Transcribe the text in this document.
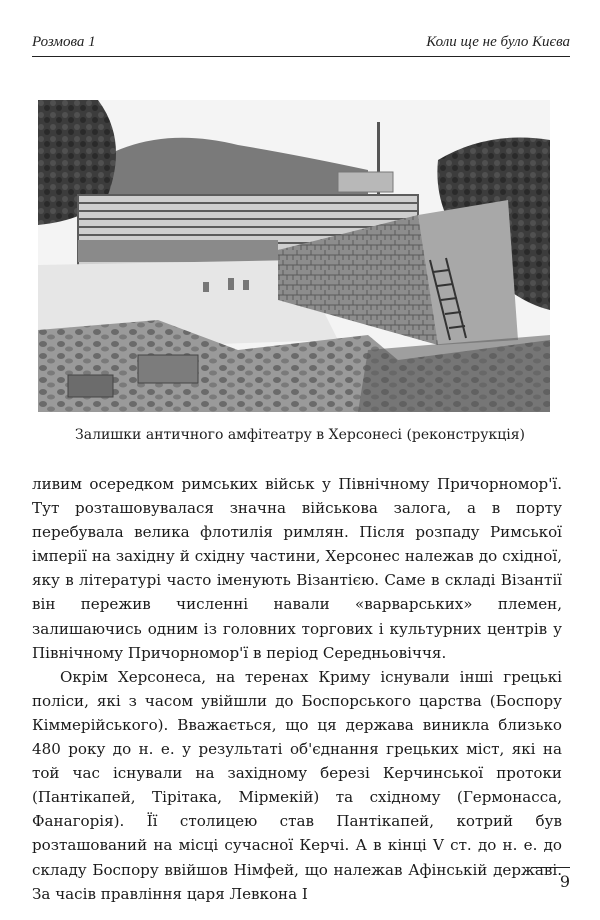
Розмова 1	Коли ще не було Києва
Залишки античного амфітеатру в Херсонесі (реконструкція)

ливим осередком римських військ у Північному Причорномор'ї. Тут розташовувалася значна військова залога, а в порту перебувала велика флотилія римлян. Після розпаду Римської імперії на західну й східну частини, Херсонес належав до східної, яку в літературі часто іменують Візантією. Саме в складі Візантії він пережив численні навали «варварських» племен, залишаючись одним із головних торгових і культурних центрів у Північному Причорномор'ї в період Середньовіччя.

Окрім Херсонеса, на теренах Криму існували інші грецькі поліси, які з часом увійшли до Боспорського царства (Боспору Кіммерійського). Вважається, що ця держава виникла близько 480 року до н. е. у результаті об'єднання грецьких міст, які на той час існували на західному березі Керчинської протоки (Пантікапей, Тірітака, Мірмекій) та східному (Гермонасса, Фанагорія). Її столицею став Пантікапей, котрий був розташований на місці сучасної Керчі. А в кінці V ст. до н. е. до складу Боспору ввійшов Німфей, що належав Афінській державі. За часів правління царя Левкона І

9
